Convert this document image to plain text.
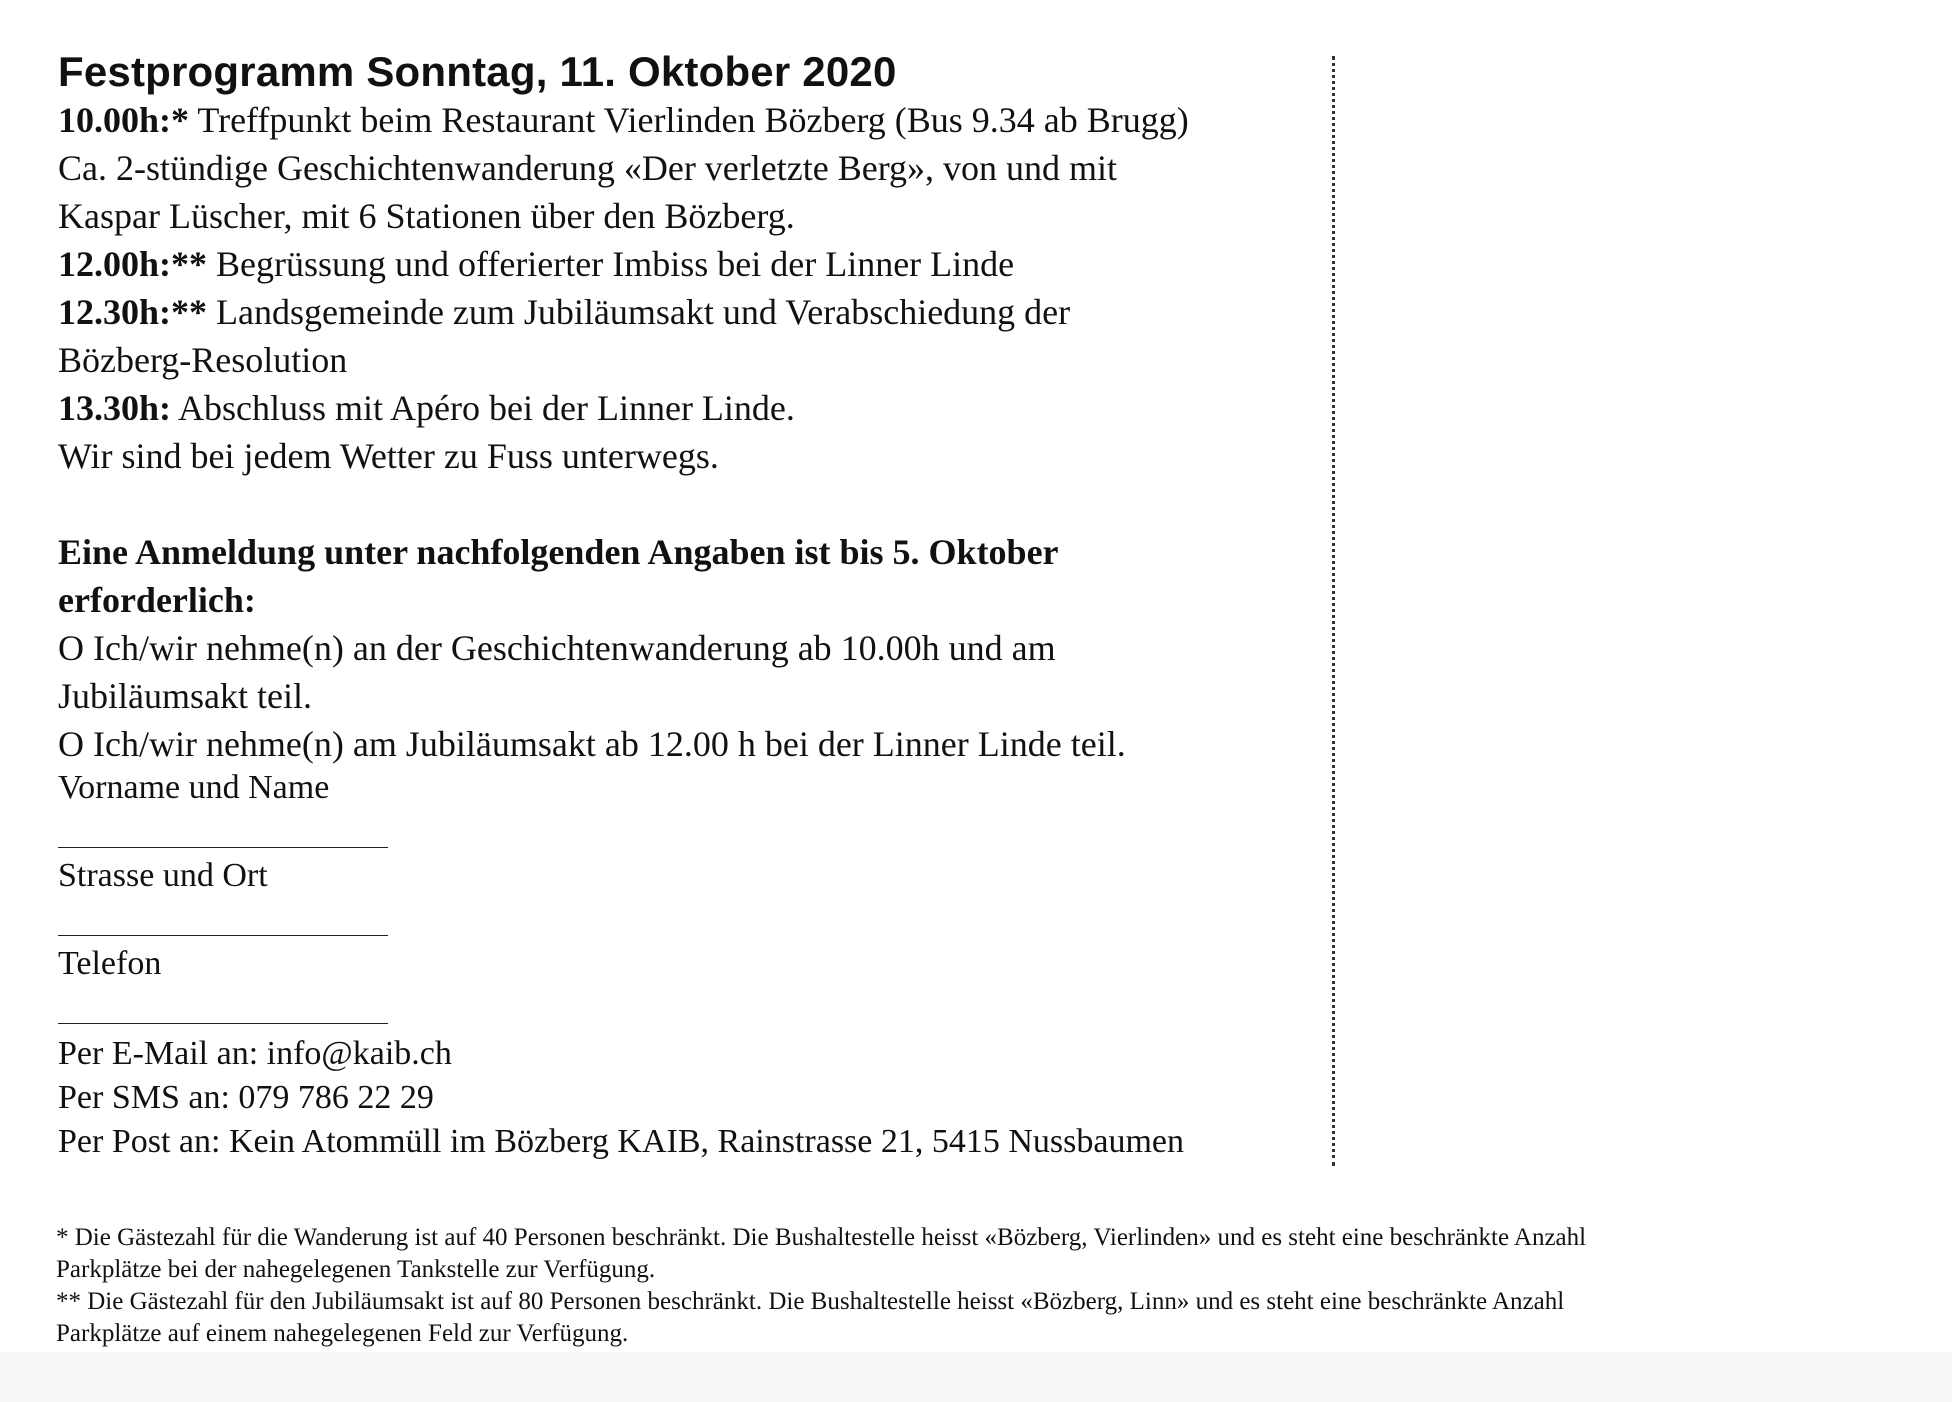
Festprogramm Sonntag, 11. Oktober 2020

10.00h:* Treffpunkt beim Restaurant Vierlinden Bözberg (Bus 9.34 ab Brugg)

Ca. 2-stündige Geschichtenwanderung «Der verletzte Berg», von und mit

Kaspar Lüscher, mit 6 Stationen über den Bözberg.

12.00h:** Begrüssung und offerierter Imbiss bei der Linner Linde

12.30h:** Landsgemeinde zum Jubiläumsakt und Verabschiedung der

Bözberg-Resolution

13.30h: Abschluss mit Apéro bei der Linner Linde.

Wir sind bei jedem Wetter zu Fuss unterwegs.

Eine Anmeldung unter nachfolgenden Angaben ist bis 5. Oktober

erforderlich:

O Ich/wir nehme(n) an der Geschichtenwanderung ab 10.00h und am

Jubiläumsakt teil.

O Ich/wir nehme(n) am Jubiläumsakt ab 12.00 h bei der Linner Linde teil.

Vorname und Name

Strasse und Ort

Telefon

Per E-Mail an: info@kaib.ch

Per SMS an: 079 786 22 29

Per Post an: Kein Atommüll im Bözberg KAIB, Rainstrasse 21, 5415 Nussbaumen

* Die Gästezahl für die Wanderung ist auf 40 Personen beschränkt. Die Bushaltestelle heisst «Bözberg, Vierlinden» und es steht eine beschränkte Anzahl

Parkplätze bei der nahegelegenen Tankstelle zur Verfügung.

** Die Gästezahl für den Jubiläumsakt ist auf 80 Personen beschränkt. Die Bushaltestelle heisst «Bözberg, Linn» und es steht eine beschränkte Anzahl

Parkplätze auf einem nahegelegenen Feld zur Verfügung.
